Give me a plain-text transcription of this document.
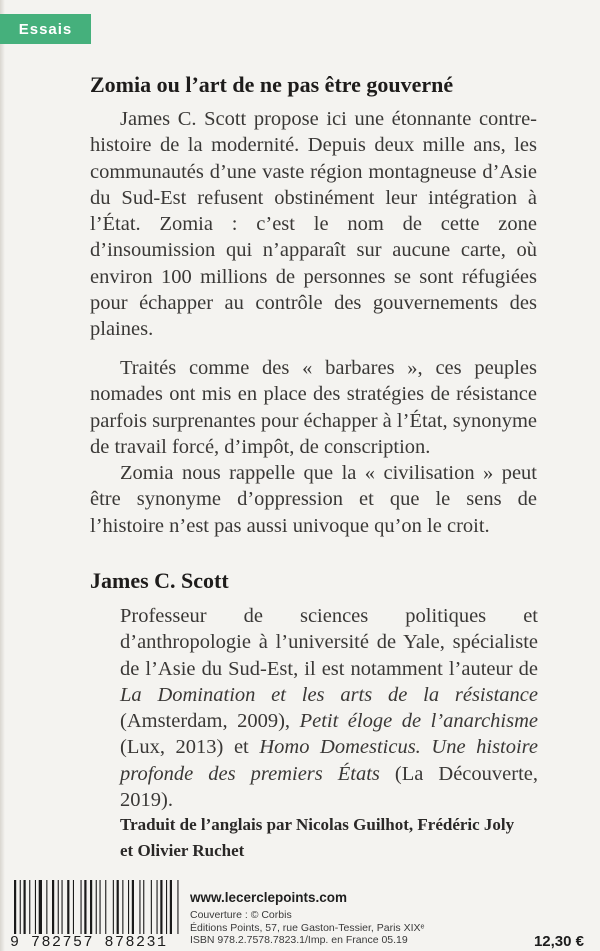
Essais
Zomia ou l’art de ne pas être gouverné

James C. Scott propose ici une étonnante contre-histoire de la modernité. Depuis deux mille ans, les communautés d’une vaste région montagneuse d’Asie du Sud-Est refusent obstinément leur intégration à l’État. Zomia : c’est le nom de cette zone d’insoumission qui n’apparaît sur aucune carte, où environ 100 millions de personnes se sont réfugiées pour échapper au contrôle des gouvernements des plaines.

Traités comme des « barbares », ces peuples nomades ont mis en place des stratégies de résistance parfois surprenantes pour échapper à l’État, synonyme de travail forcé, d’impôt, de conscription.

Zomia nous rappelle que la « civilisation » peut être synonyme d’oppression et que le sens de l’histoire n’est pas aussi univoque qu’on le croit.

James C. Scott

Professeur de sciences politiques et d’anthropologie à l’université de Yale, spécialiste de l’Asie du Sud-Est, il est notamment l’auteur de La Domination et les arts de la résistance (Amsterdam, 2009), Petit éloge de l’anarchisme (Lux, 2013) et Homo Domesticus. Une histoire profonde des premiers États (La Découverte, 2019).

Traduit de l’anglais par Nicolas Guilhot, Frédéric Joly
et Olivier Ruchet
9 782757 878231
www.lecerclepoints.com
Couverture : © Corbis
Éditions Points, 57, rue Gaston-Tessier, Paris XIXᵉ
ISBN 978.2.7578.7823.1/Imp. en France 05.19	12,30 €
